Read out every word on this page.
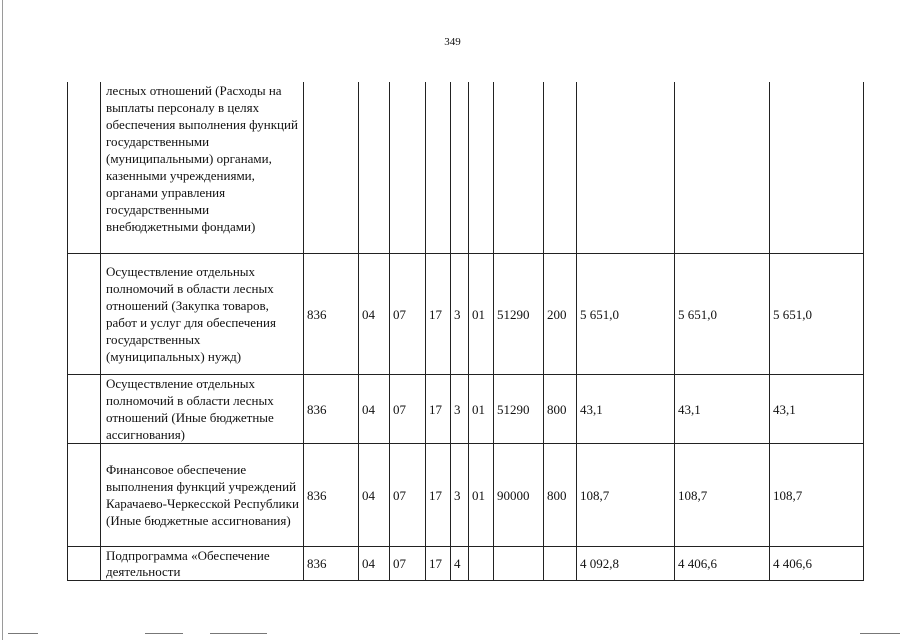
349
	лесных отношений (Расходы на выплаты персоналу в целях обеспечения выполнения функций государственными (муниципальными) органами, казенными учреждениями, органами управления государственными внебюджетными фондами)											
	Осуществление отдельных полномочий в области лесных отношений (Закупка товаров, работ и услуг для обеспечения государственных (муниципальных) нужд)	836	04	07	17	3	01	51290	200	5 651,0	5 651,0	5 651,0
	Осуществление отдельных полномочий в области лесных отношений (Иные бюджетные ассигнования)	836	04	07	17	3	01	51290	800	43,1	43,1	43,1
	Финансовое обеспечение выполнения функций учреждений Карачаево-Черкесской Республики (Иные бюджетные ассигнования)	836	04	07	17	3	01	90000	800	108,7	108,7	108,7
	Подпрограмма «Обеспечение деятельности	836	04	07	17	4				4 092,8	4 406,6	4 406,6
